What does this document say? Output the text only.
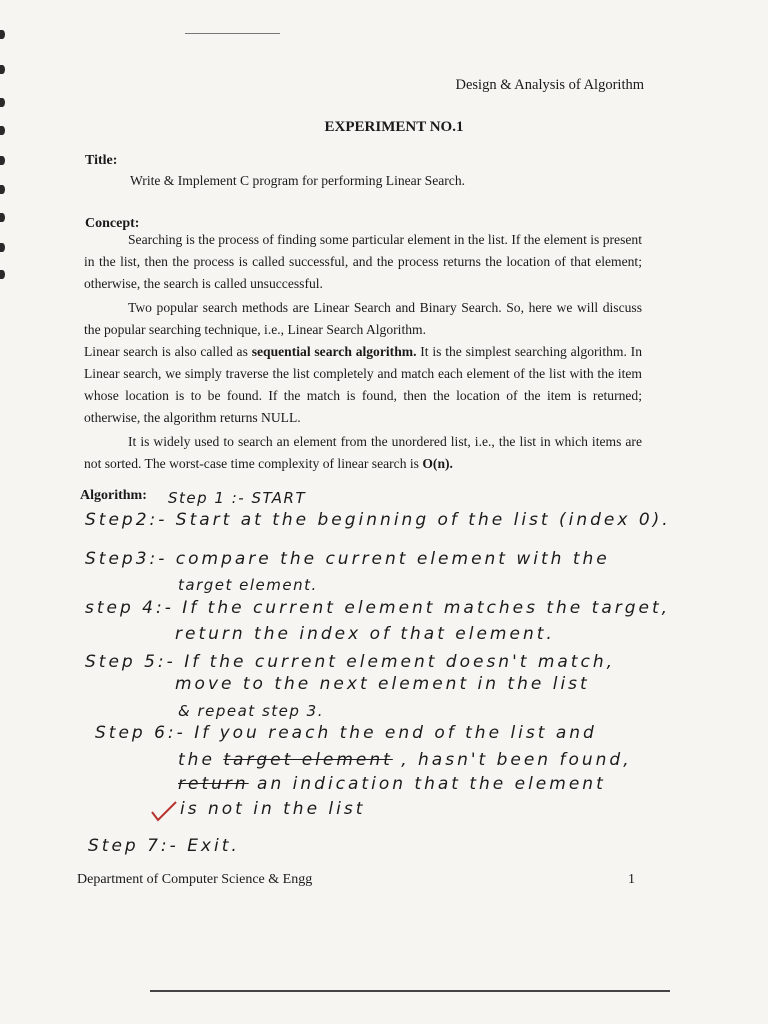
Design & Analysis of Algorithm
EXPERIMENT NO.1
Title:
Write & Implement C program for performing Linear Search.
Concept:

Searching is the process of finding some particular element in the list. If the element is present in the list, then the process is called successful, and the process returns the location of that element; otherwise, the search is called unsuccessful.

Two popular search methods are Linear Search and Binary Search. So, here we will discuss the popular searching technique, i.e., Linear Search Algorithm.

Linear search is also called as sequential search algorithm. It is the simplest searching algorithm. In Linear search, we simply traverse the list completely and match each element of the list with the item whose location is to be found. If the match is found, then the location of the item is returned; otherwise, the algorithm returns NULL.

It is widely used to search an element from the unordered list, i.e., the list in which items are not sorted. The worst-case time complexity of linear search is O(n).

Algorithm: Step 1 :- START
Step2:- Start at the beginning of the list (index 0).
Step3:- compare the current element with the
target element.
step 4:- If the current element matches the target,
return the index of that element.
Step 5:- If the current element doesn't match,
move to the next element in the list
& repeat step 3.
Step 6:- If you reach the end of the list and
the target element , hasn't been found,
return an indication that the element
is not in the list
Step 7:- Exit.
Department of Computer Science & Engg	1
